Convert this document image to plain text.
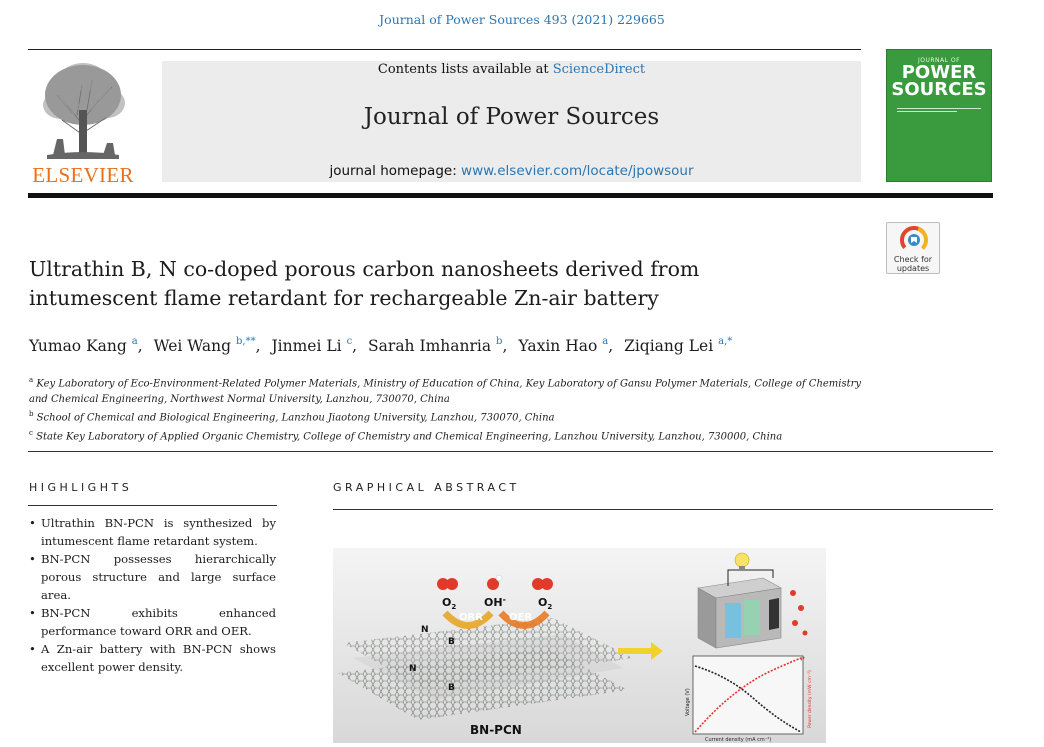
Journal of Power Sources 493 (2021) 229665
ELSEVIER
Contents lists available at ScienceDirect
Journal of Power Sources
journal homepage: www.elsevier.com/locate/jpowsour
JOURNAL OF
POWER
SOURCES
Check for
updates
Ultrathin B, N co-doped porous carbon nanosheets derived from
intumescent flame retardant for rechargeable Zn-air battery
Yumao Kang $^a$, Wei Wang $^{b,**}$, Jinmei Li $^c$, Sarah Imhanria $^b$, Yaxin Hao $^a$, Ziqiang Lei $^{a,*}$
$^a$ Key Laboratory of Eco-Environment-Related Polymer Materials, Ministry of Education of China, Key Laboratory of Gansu Polymer Materials, College of Chemistry and Chemical Engineering, Northwest Normal University, Lanzhou, 730070, China
$^b$ School of Chemical and Biological Engineering, Lanzhou Jiaotong University, Lanzhou, 730070, China
$^c$ State Key Laboratory of Applied Organic Chemistry, College of Chemistry and Chemical Engineering, Lanzhou University, Lanzhou, 730000, China
HIGHLIGHTS
• Ultrathin BN-PCN is synthesized by intumescent flame retardant system.
• BN-PCN possesses hierarchically porous structure and large surface area.
• BN-PCN exhibits enhanced performance toward ORR and OER.
• A Zn-air battery with BN-PCN shows excellent power density.
GRAPHICAL ABSTRACT
$O_2$	OH-	$O_2$
ORR	OER
N
B
N
B
BN-PCN
Current density (mA cm⁻²)
Voltage (V)	Power density (mW cm⁻²)
